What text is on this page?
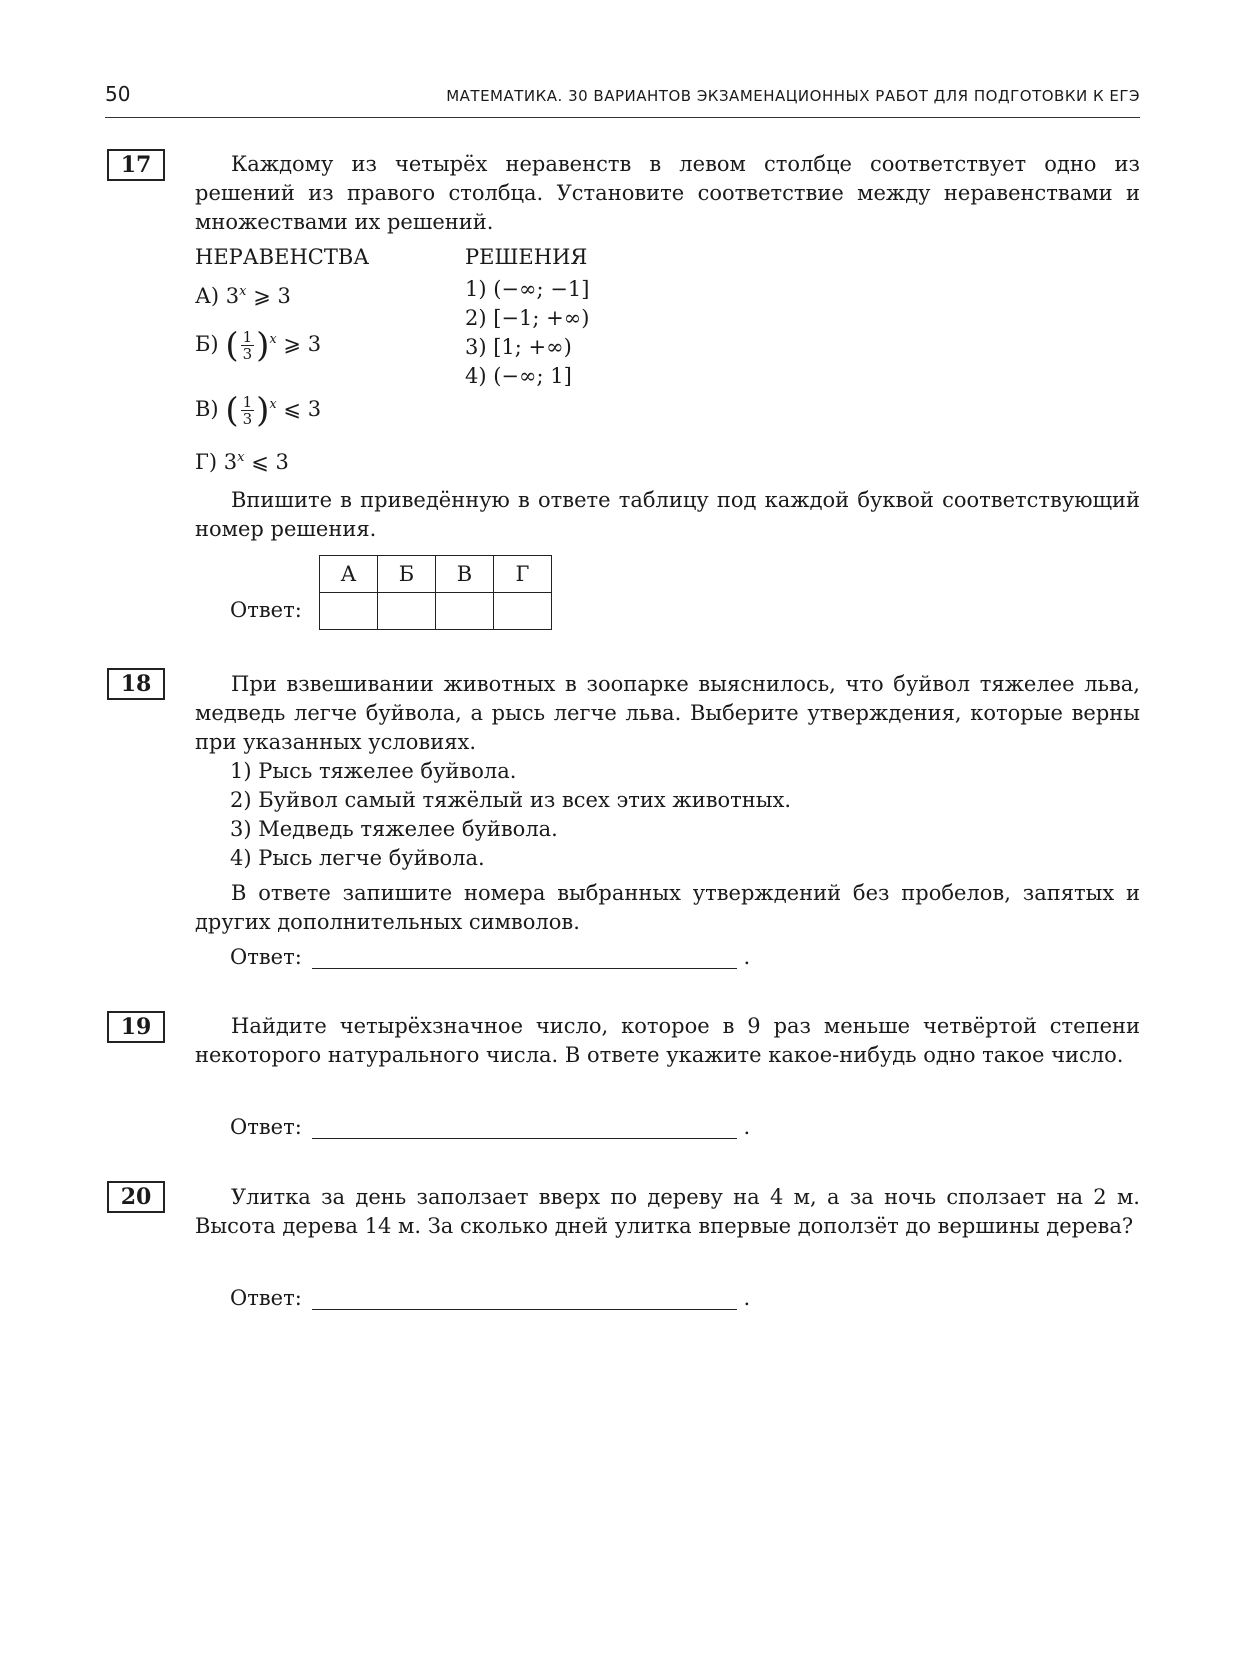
50	МАТЕМАТИКА. 30 ВАРИАНТОВ ЭКЗАМЕНАЦИОННЫХ РАБОТ ДЛЯ ПОДГОТОВКИ К ЕГЭ
17	Каждому из четырёх неравенств в левом столбце соответствует одно из решений из правого столбца. Установите соответствие между неравенствами и множествами их решений.
НЕРАВЕНСТВА	РЕШЕНИЯ
А) 3$^x$ ⩾ 3
Б) ( $\frac{1}{3} )^x$ ⩾ 3
В) ( $\frac{1}{3} )^x$ ⩽ 3
Г) 3$^x$ ⩽ 3
1) (−∞; −1]
2) [−1; +∞)
3) [1; +∞)
4) (−∞; 1]
Впишите в приведённую в ответе таблицу под каждой буквой соответствующий номер решения.
А	Б	В	Г

Ответ:
18	При взвешивании животных в зоопарке выяснилось, что буйвол тяжелее льва, медведь легче буйвола, а рысь легче льва. Выберите утверждения, которые верны при указанных условиях.
1) Рысь тяжелее буйвола.
2) Буйвол самый тяжёлый из всех этих животных.
3) Медведь тяжелее буйвола.
4) Рысь легче буйвола.
В ответе запишите номера выбранных утверждений без пробелов, запятых и других дополнительных символов.
Ответ:	.
19	Найдите четырёхзначное число, которое в 9 раз меньше четвёртой степени некоторого натурального числа. В ответе укажите какое-нибудь одно такое число.
Ответ:	.
20	Улитка за день заползает вверх по дереву на 4 м, а за ночь сползает на 2 м. Высота дерева 14 м. За сколько дней улитка впервые доползёт до вершины дерева?
Ответ:	.
